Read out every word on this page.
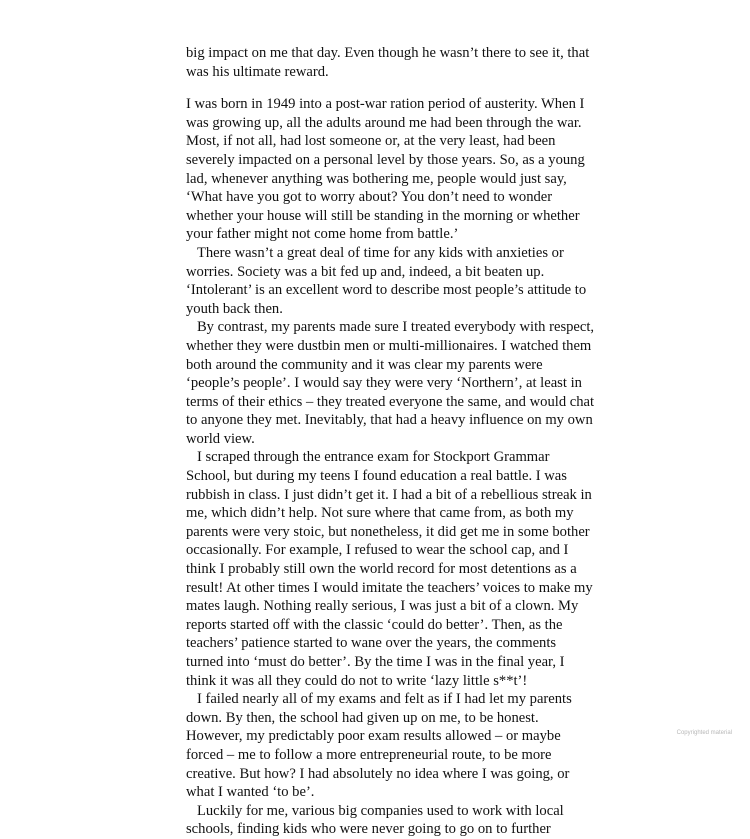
big impact on me that day. Even though he wasn’t there to see it, that
was his ultimate reward.
I was born in 1949 into a post-war ration period of austerity. When I
was growing up, all the adults around me had been through the war.
Most, if not all, had lost someone or, at the very least, had been
severely impacted on a personal level by those years. So, as a young
lad, whenever anything was bothering me, people would just say,
‘What have you got to worry about? You don’t need to wonder
whether your house will still be standing in the morning or whether
your father might not come home from battle.’
There wasn’t a great deal of time for any kids with anxieties or
worries. Society was a bit fed up and, indeed, a bit beaten up.
‘Intolerant’ is an excellent word to describe most people’s attitude to
youth back then.
By contrast, my parents made sure I treated everybody with respect,
whether they were dustbin men or multi-millionaires. I watched them
both around the community and it was clear my parents were
‘people’s people’. I would say they were very ‘Northern’, at least in
terms of their ethics – they treated everyone the same, and would chat
to anyone they met. Inevitably, that had a heavy influence on my own
world view.
I scraped through the entrance exam for Stockport Grammar
School, but during my teens I found education a real battle. I was
rubbish in class. I just didn’t get it. I had a bit of a rebellious streak in
me, which didn’t help. Not sure where that came from, as both my
parents were very stoic, but nonetheless, it did get me in some bother
occasionally. For example, I refused to wear the school cap, and I
think I probably still own the world record for most detentions as a
result! At other times I would imitate the teachers’ voices to make my
mates laugh. Nothing really serious, I was just a bit of a clown. My
reports started off with the classic ‘could do better’. Then, as the
teachers’ patience started to wane over the years, the comments
turned into ‘must do better’. By the time I was in the final year, I
think it was all they could do not to write ‘lazy little s**t’!
I failed nearly all of my exams and felt as if I had let my parents
down. By then, the school had given up on me, to be honest.
However, my predictably poor exam results allowed – or maybe
forced – me to follow a more entrepreneurial route, to be more
creative. But how? I had absolutely no idea where I was going, or
what I wanted ‘to be’.
Luckily for me, various big companies used to work with local
schools, finding kids who were never going to go on to further
Copyrighted material
